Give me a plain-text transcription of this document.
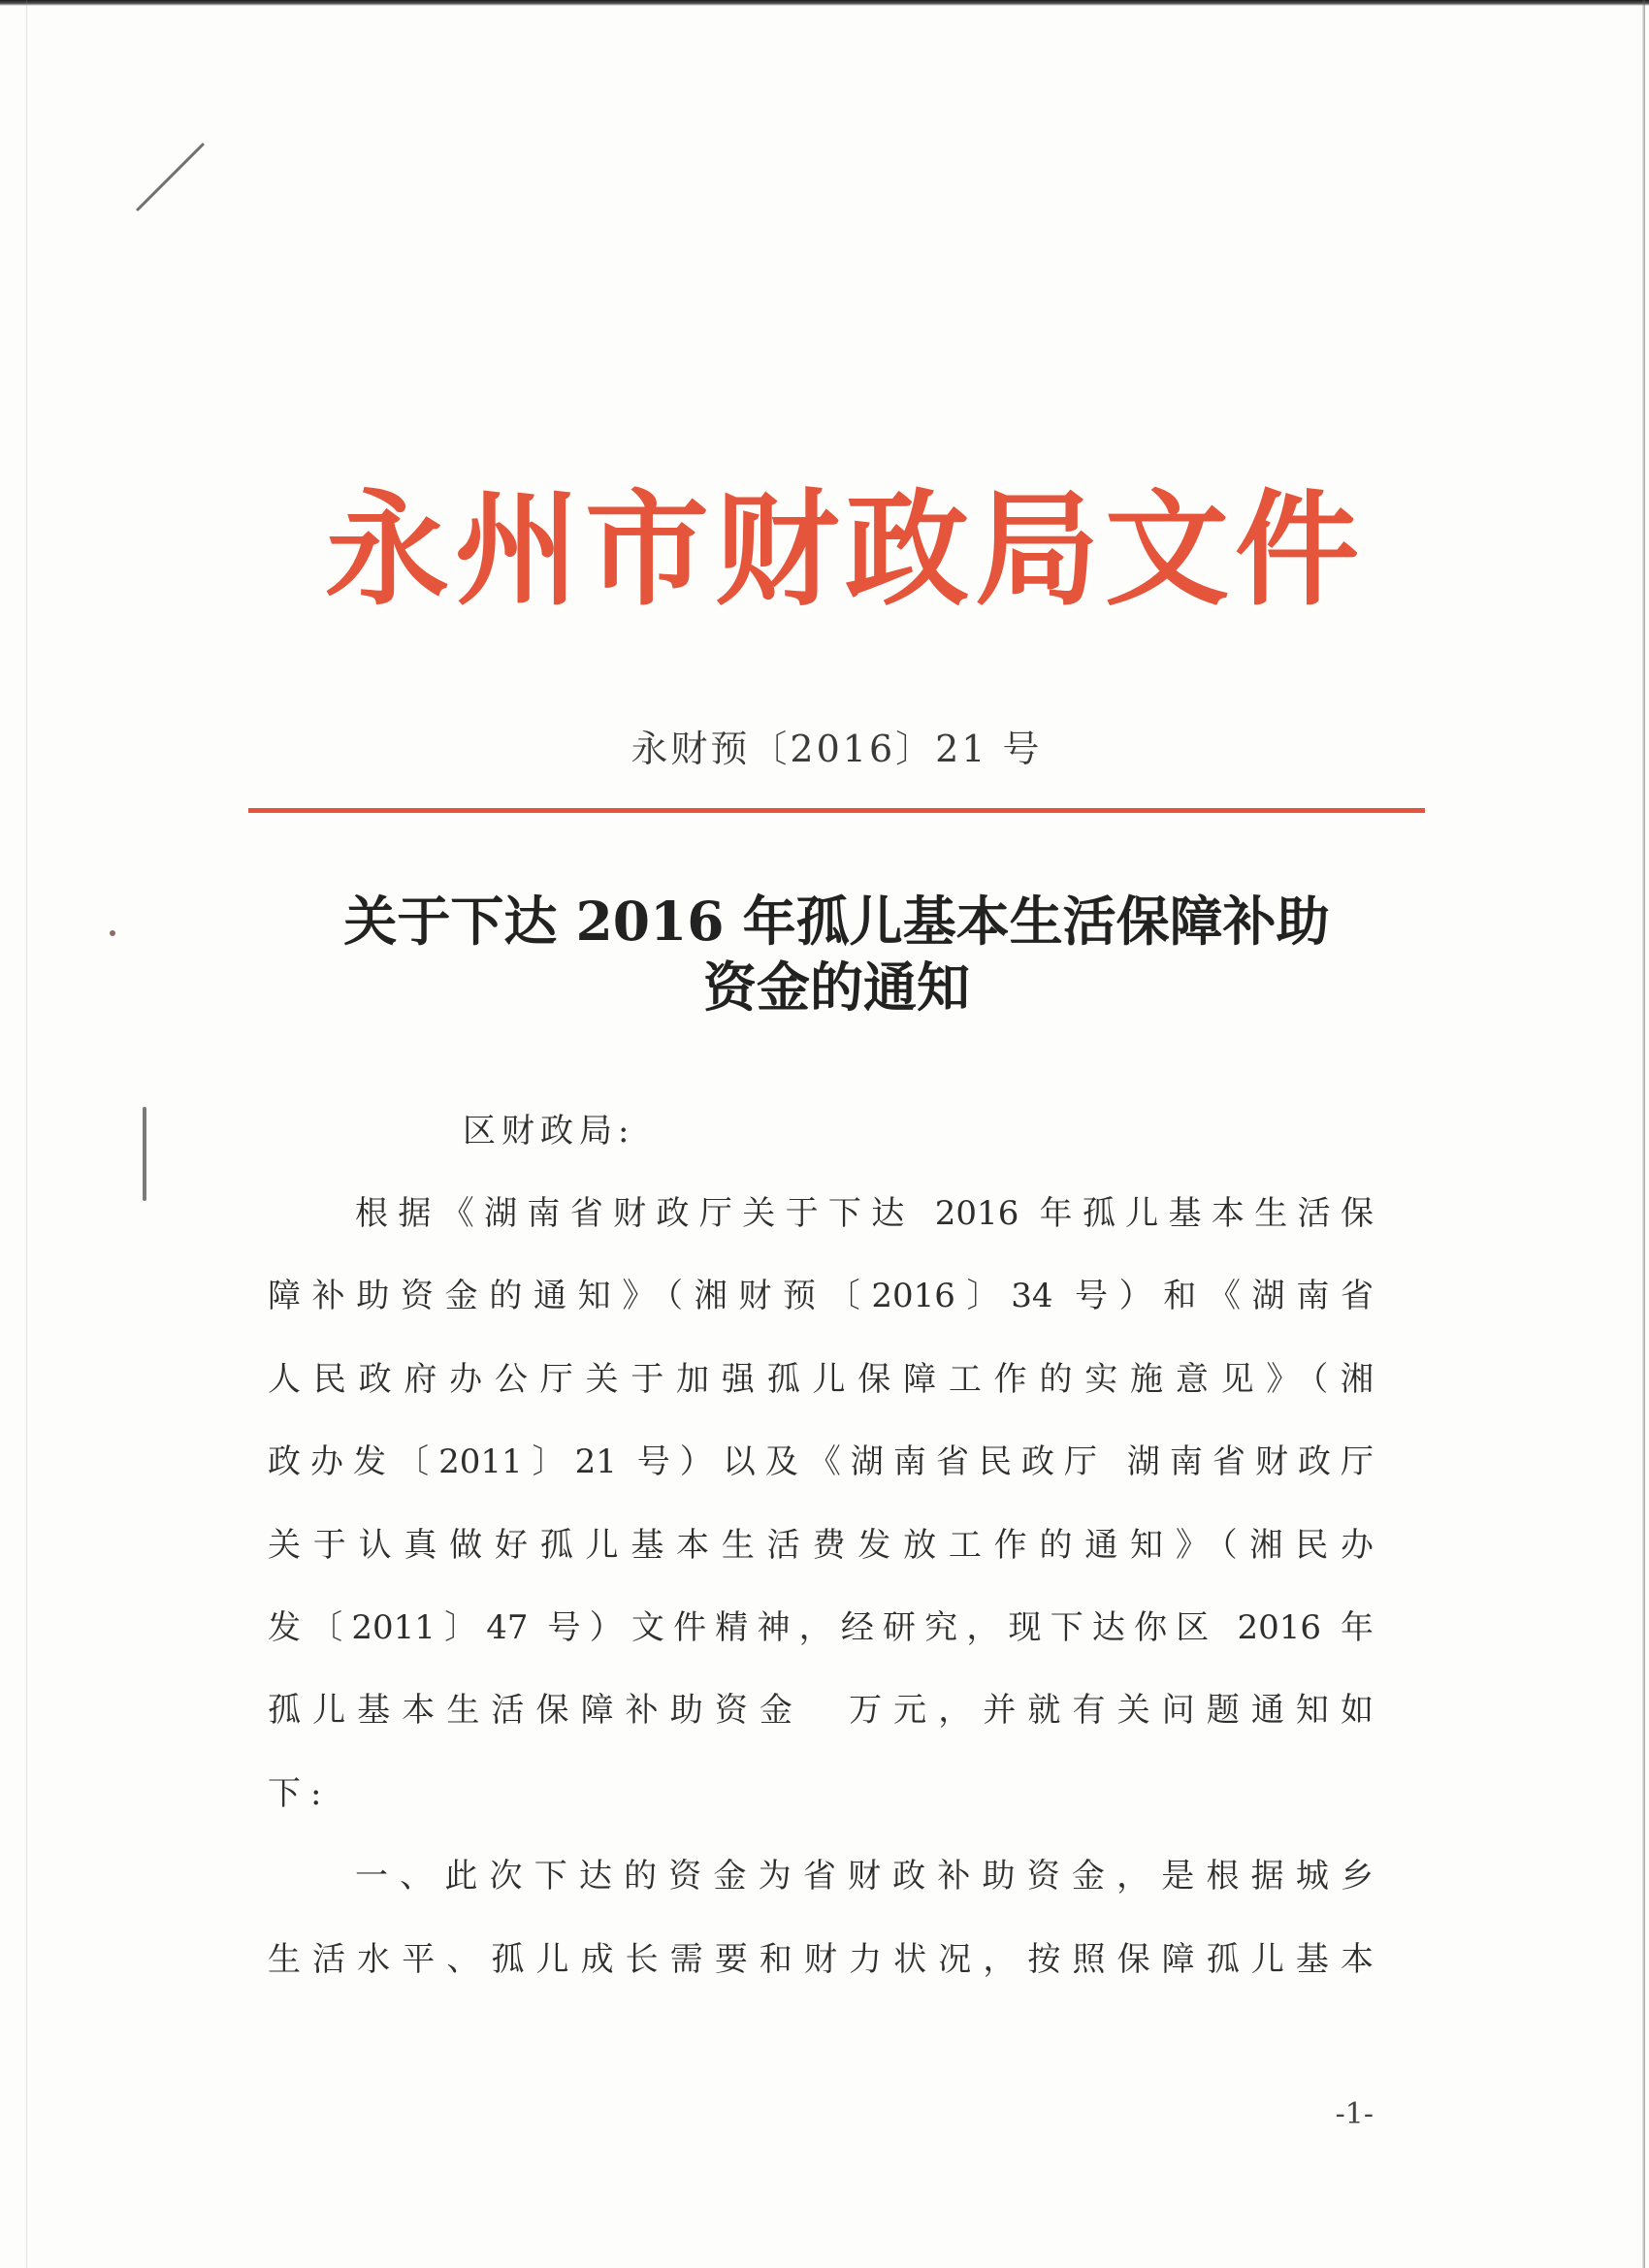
永州市财政局文件
永财预〔2016〕21 号
关于下达 2016 年孤儿基本生活保障补助
资金的通知
区财政局:
根据《湖南省财政厅关于下达 2016 年孤儿基本生活保
障补助资金的通知》（湘财预〔2016〕34 号）和《湖南省
人民政府办公厅关于加强孤儿保障工作的实施意见》（湘
政办发〔2011〕21 号）以及《湖南省民政厅 湖南省财政厅
关于认真做好孤儿基本生活费发放工作的通知》（湘民办
发〔2011〕47 号）文件精神，经研究，现下达你区 2016 年
孤儿基本生活保障补助资金　万元，并就有关问题通知如
下:
一、此次下达的资金为省财政补助资金，是根据城乡
生活水平、孤儿成长需要和财力状况，按照保障孤儿基本
-1-
